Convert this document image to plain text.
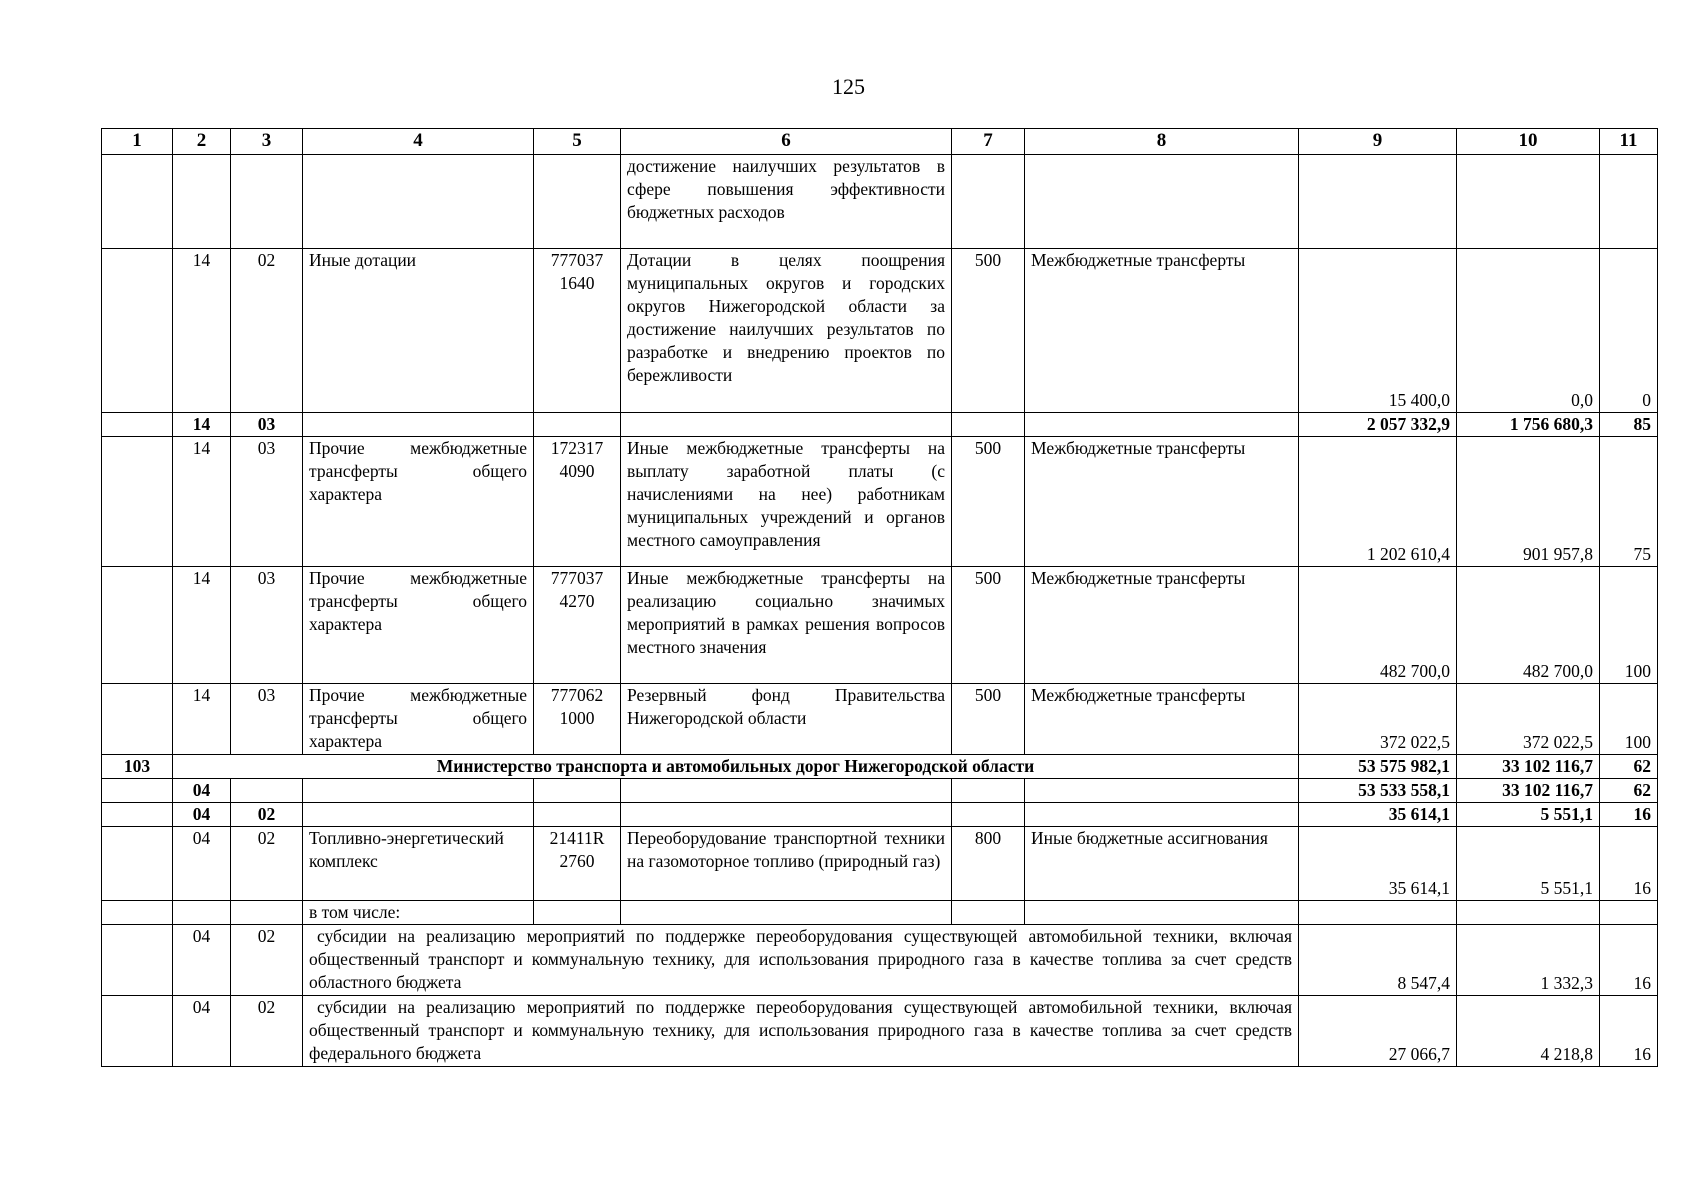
125
1	2	3	4	5	6	7	8	9	10	11
					достижение наилучших результатов в сфере повышения эффективности бюджетных расходов					
	14	02	Иные дотации	777037 1640	Дотации в целях поощрения муниципальных округов и городских округов Нижегородской области за достижение наилучших результатов по разработке и внедрению проектов по бережливости	500	Межбюджетные трансферты	15 400,0	0,0	0
	14	03						2 057 332,9	1 756 680,3	85
	14	03	Прочие межбюджетные трансферты общего характера	172317 4090	Иные межбюджетные трансферты на выплату заработной платы (с начислениями на нее) работникам муниципальных учреждений и органов местного самоуправления	500	Межбюджетные трансферты	1 202 610,4	901 957,8	75
	14	03	Прочие межбюджетные трансферты общего характера	777037 4270	Иные межбюджетные трансферты на реализацию социально значимых мероприятий в рамках решения вопросов местного значения	500	Межбюджетные трансферты	482 700,0	482 700,0	100
	14	03	Прочие межбюджетные трансферты общего характера	777062 1000	Резервный фонд Правительства Нижегородской области	500	Межбюджетные трансферты	372 022,5	372 022,5	100
103	Министерство транспорта и автомобильных дорог Нижегородской области							53 575 982,1	33 102 116,7	62
	04							53 533 558,1	33 102 116,7	62
	04	02						35 614,1	5 551,1	16
	04	02	Топливно-энергетический комплекс	21411R 2760	Переоборудование транспортной техники на газомоторное топливо (природный газ)	800	Иные бюджетные ассигнования	35 614,1	5 551,1	16
			в том числе:							
	04	02	субсидии на реализацию мероприятий по поддержке переоборудования существующей автомобильной техники, включая общественный транспорт и коммунальную технику, для использования природного газа в качестве топлива за счет средств областного бюджета					8 547,4	1 332,3	16
	04	02	субсидии на реализацию мероприятий по поддержке переоборудования существующей автомобильной техники, включая общественный транспорт и коммунальную технику, для использования природного газа в качестве топлива за счет средств федерального бюджета					27 066,7	4 218,8	16
